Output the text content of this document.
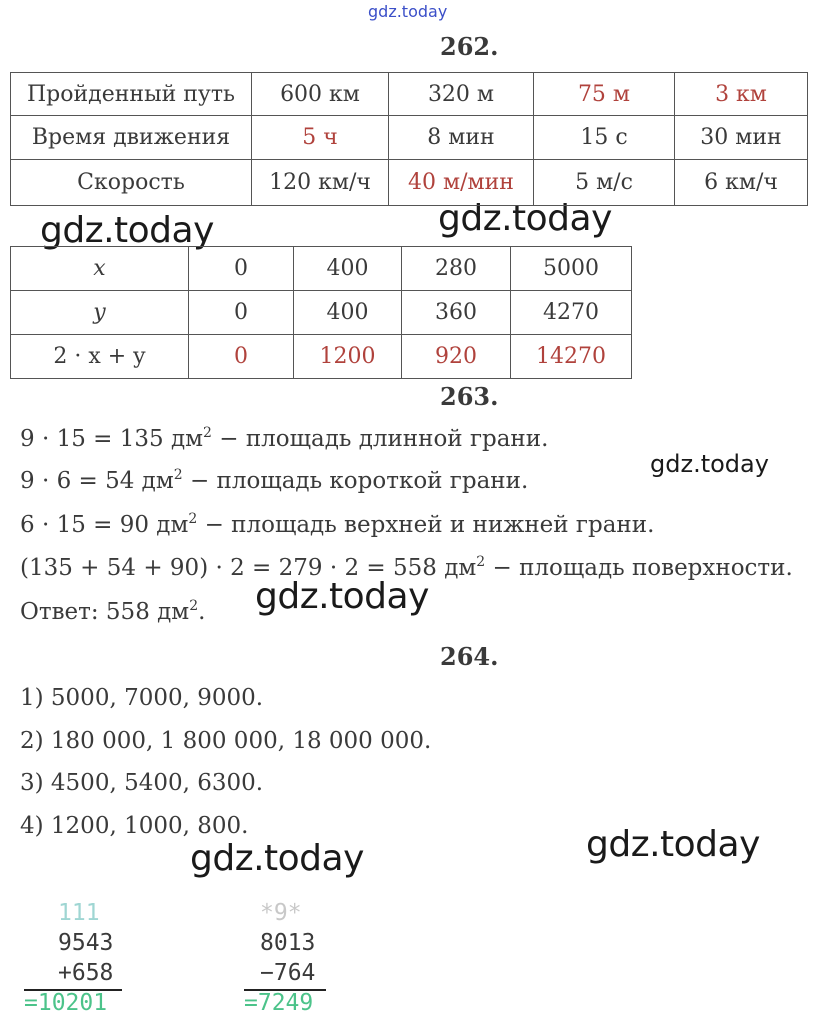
gdz.today
gdz.today	gdz.today
gdz.today
gdz.today
gdz.today	gdz.today
262.
Пройденный путь	600 км	320 м	75 м	3 км
Время движения	5 ч	8 мин	15 с	30 мин
Скорость	120 км/ч	40 м/мин	5 м/с	6 км/ч
x	0	400	280	5000
y	0	400	360	4270
2 · x + y	0	1200	920	14270
263.
9 · 15 = 135 $дм^2$ − площадь длинной грани.
9 · 6 = 54 $дм^2$ − площадь короткой грани.
6 · 15 = 90 $дм^2$ − площадь верхней и нижней грани.
(135 + 54 + 90) · 2 = 279 · 2 = 558 $дм^2$ − площадь поверхности.
Ответ: 558 $дм^2$.
264.
1) 5000, 7000, 9000.
2) 180 000, 1 800 000, 18 000 000.
3) 4500, 5400, 6300.
4) 1200, 1000, 800.
111
9543
+658
=10201
*9*
8013
−764
=7249
